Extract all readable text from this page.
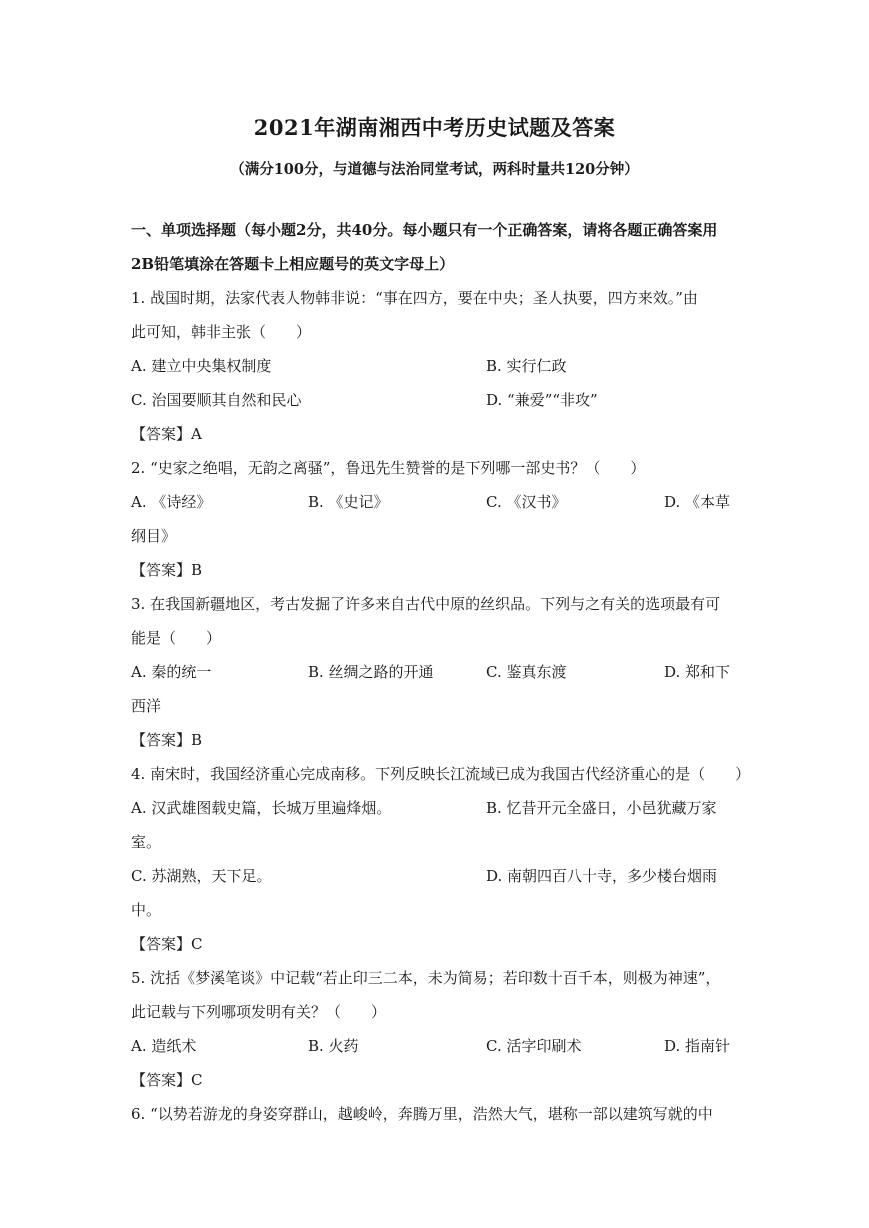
2021年湖南湘西中考历史试题及答案
（满分100分，与道德与法治同堂考试，两科时量共120分钟）
一、单项选择题（每小题2分，共40分。每小题只有一个正确答案，请将各题正确答案用
2B铅笔填涂在答题卡上相应题号的英文字母上）
1. 战国时期，法家代表人物韩非说：“事在四方，要在中央；圣人执要，四方来效。”由
此可知，韩非主张（　　）
A. 建立中央集权制度	B. 实行仁政
C. 治国要顺其自然和民心	D. “兼爱”“非攻”
【答案】A
2. “史家之绝唱，无韵之离骚”，鲁迅先生赞誉的是下列哪一部史书？（　　）
A. 《诗经》	B. 《史记》	C. 《汉书》	D. 《本草
纲目》
【答案】B
3. 在我国新疆地区，考古发掘了许多来自古代中原的丝织品。下列与之有关的选项最有可
能是（　　）
A. 秦的统一	B. 丝绸之路的开通	C. 鉴真东渡	D. 郑和下
西洋
【答案】B
4. 南宋时，我国经济重心完成南移。下列反映长江流域已成为我国古代经济重心的是（　　）
A. 汉武雄图载史篇，长城万里遍烽烟。	B. 忆昔开元全盛日，小邑犹藏万家
室。
C. 苏湖熟，天下足。	D. 南朝四百八十寺，多少楼台烟雨
中。
【答案】C
5. 沈括《梦溪笔谈》中记载“若止印三二本，未为简易；若印数十百千本，则极为神速”，
此记载与下列哪项发明有关？（　　）
A. 造纸术	B. 火药	C. 活字印刷术	D. 指南针
【答案】C
6. “以势若游龙的身姿穿群山，越峻岭，奔腾万里，浩然大气，堪称一部以建筑写就的中
